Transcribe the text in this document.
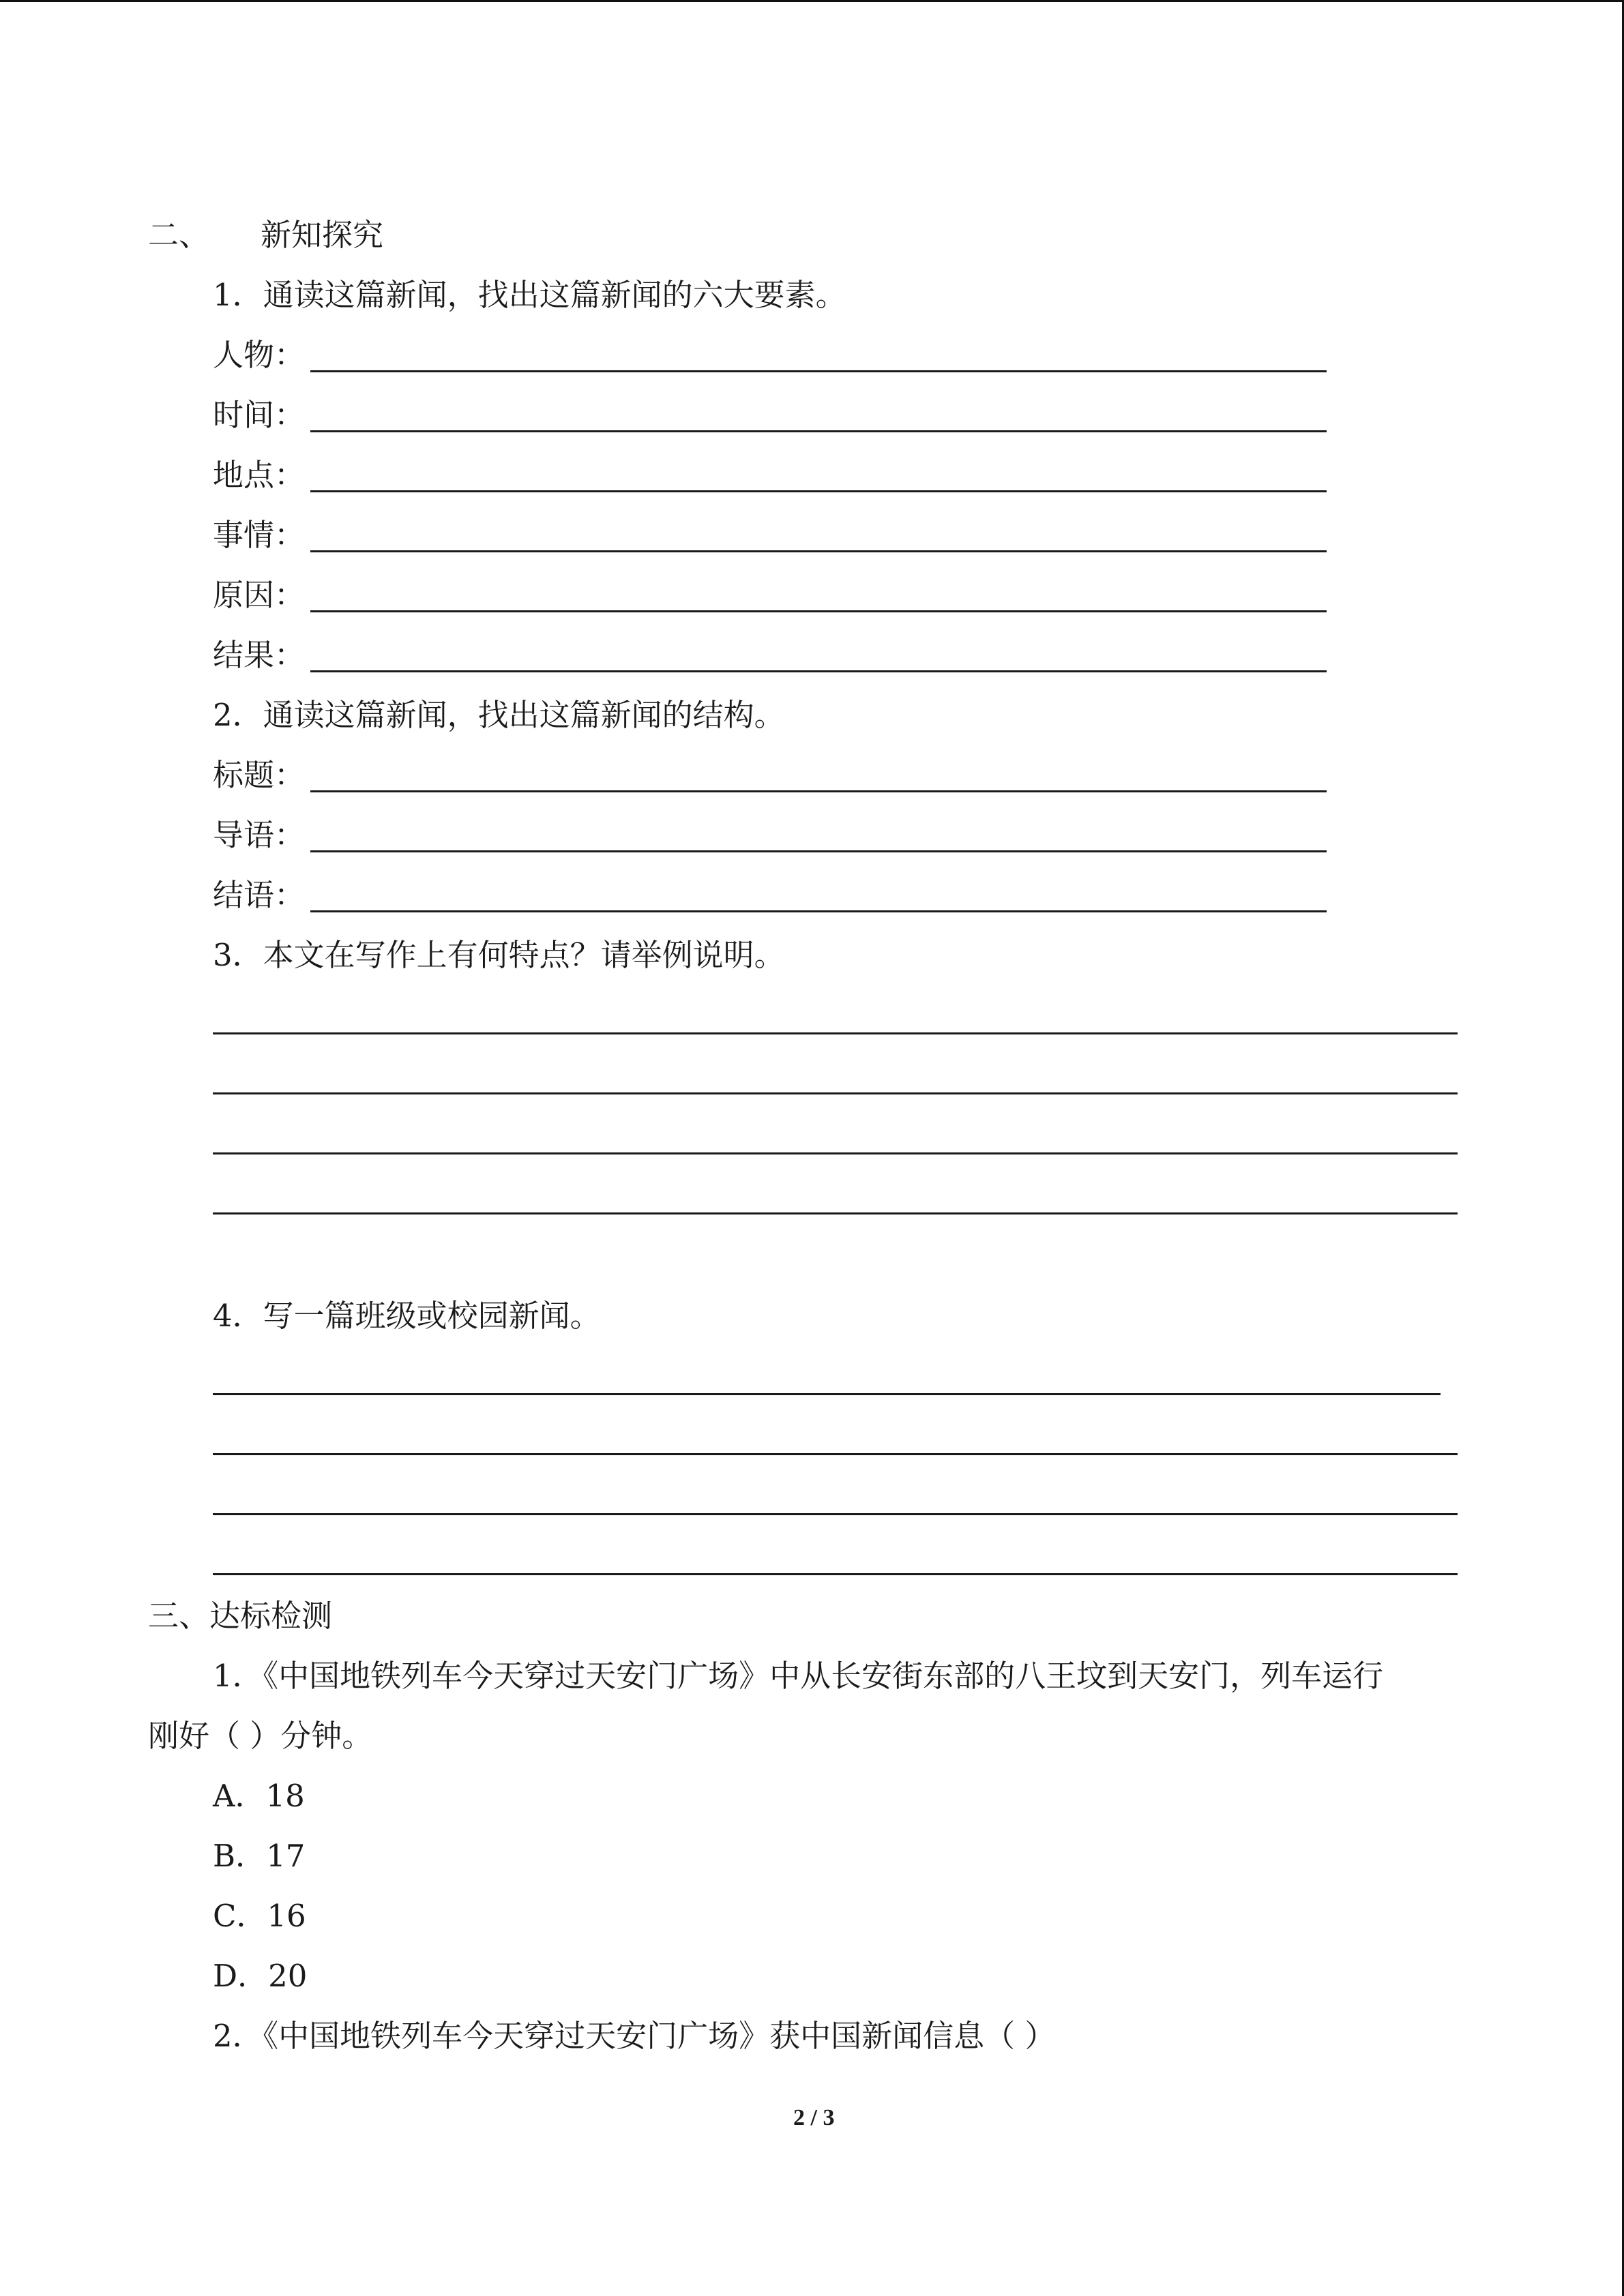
二、 新知探究
1．通读这篇新闻，找出这篇新闻的六大要素。
人物：
时间：
地点：
事情：
原因：
结果：
2．通读这篇新闻，找出这篇新闻的结构。
标题：
导语：
结语：
3．本文在写作上有何特点？请举例说明。
4．写一篇班级或校园新闻。
三、达标检测
1．《中国地铁列车今天穿过天安门广场》中从长安街东部的八王坟到天安门，列车运行
刚好（ ）分钟。
A．18
B．17
C．16
D．20
2．《中国地铁列车今天穿过天安门广场》获中国新闻信息（ ）
2 / 3
